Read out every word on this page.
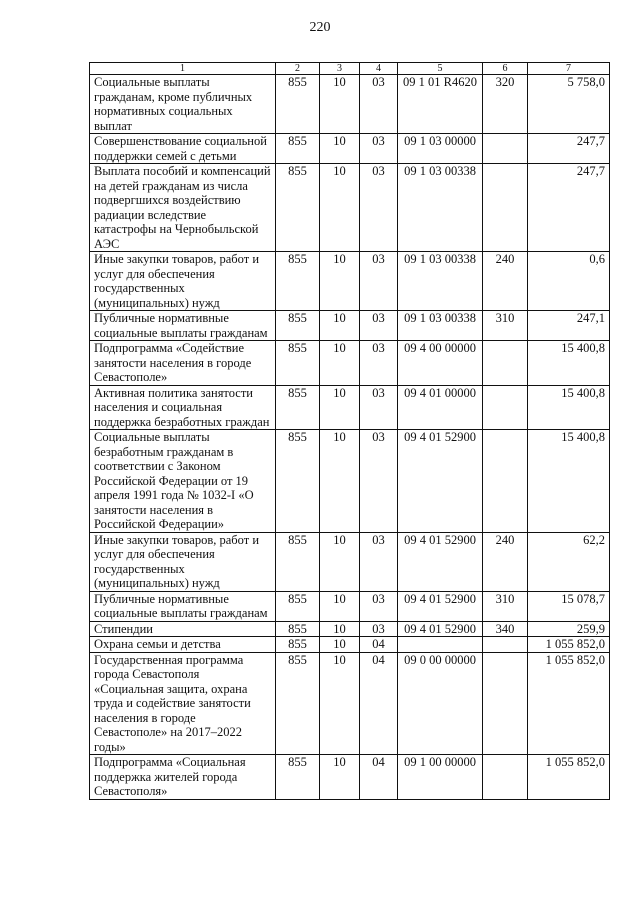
220
1	2	3	4	5	6	7
Социальные выплаты гражданам, кроме публичных нормативных социальных выплат	855	10	03	09 1 01 R4620	320	5 758,0
Совершенствование социальной поддержки семей с детьми	855	10	03	09 1 03 00000		247,7
Выплата пособий и компенсаций на детей гражданам из числа подвергшихся воздействию радиации вследствие катастрофы на Чернобыльской АЭС	855	10	03	09 1 03 00338		247,7
Иные закупки товаров, работ и услуг для обеспечения государственных (муниципальных) нужд	855	10	03	09 1 03 00338	240	0,6
Публичные нормативные социальные выплаты гражданам	855	10	03	09 1 03 00338	310	247,1
Подпрограмма «Содействие занятости населения в городе Севастополе»	855	10	03	09 4 00 00000		15 400,8
Активная политика занятости населения и социальная поддержка безработных граждан	855	10	03	09 4 01 00000		15 400,8
Социальные выплаты безработным гражданам в соответствии с Законом Российской Федерации от 19 апреля 1991 года № 1032-I «О занятости населения в Российской Федерации»	855	10	03	09 4 01 52900		15 400,8
Иные закупки товаров, работ и услуг для обеспечения государственных (муниципальных) нужд	855	10	03	09 4 01 52900	240	62,2
Публичные нормативные социальные выплаты гражданам	855	10	03	09 4 01 52900	310	15 078,7
Стипендии	855	10	03	09 4 01 52900	340	259,9
Охрана семьи и детства	855	10	04			1 055 852,0
Государственная программа города Севастополя «Социальная защита, охрана труда и содействие занятости населения в городе Севастополе» на 2017–2022 годы»	855	10	04	09 0 00 00000		1 055 852,0
Подпрограмма «Социальная поддержка жителей города Севастополя»	855	10	04	09 1 00 00000		1 055 852,0
